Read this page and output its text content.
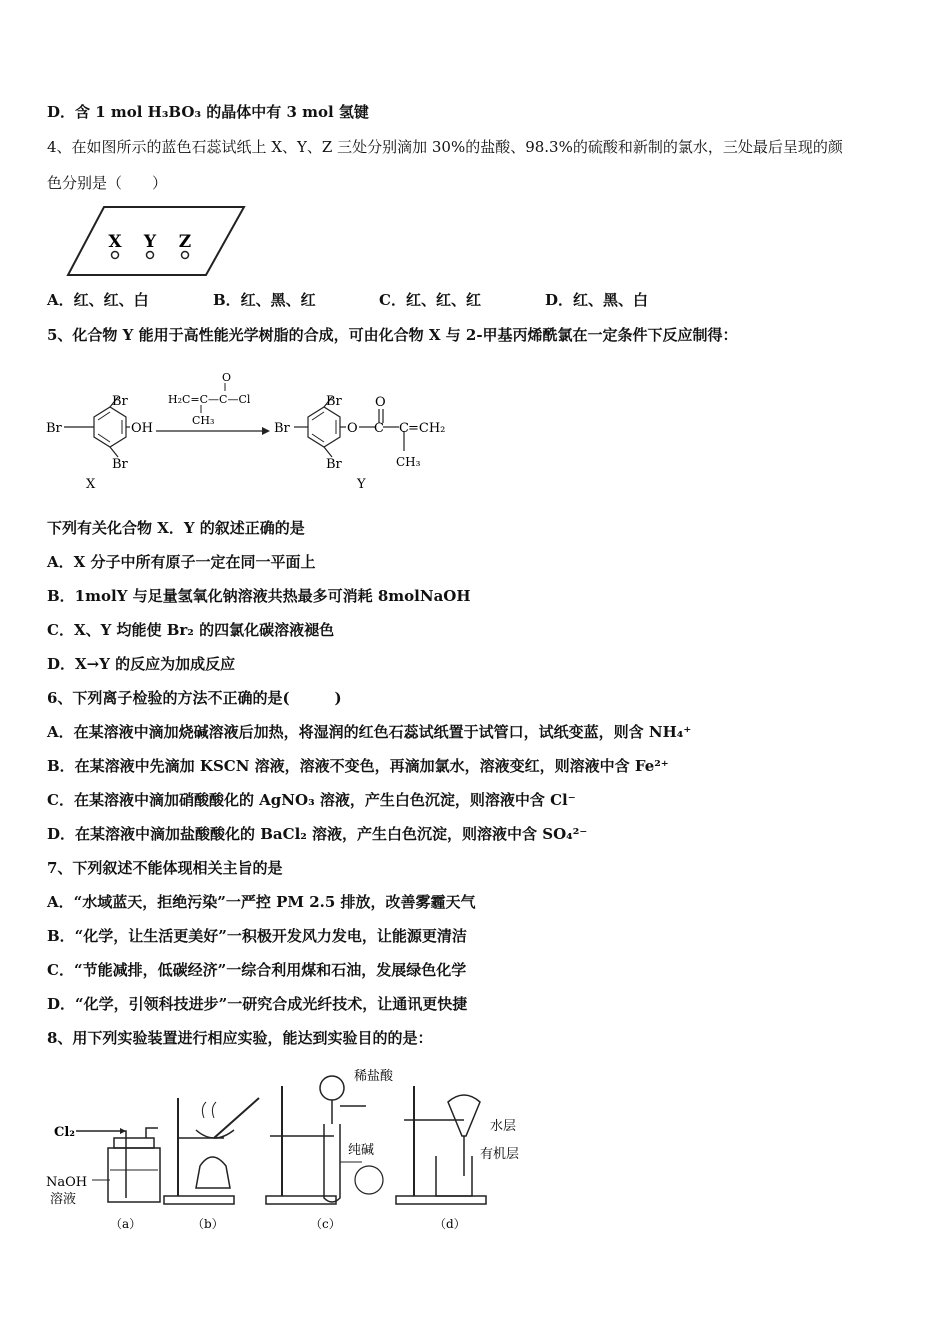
D．含 1 mol H₃BO₃ 的晶体中有 3 mol 氢键
4、在如图所示的蓝色石蕊试纸上 X、Y、Z 三处分别滴加 30%的盐酸、98.3%的硫酸和新制的氯水，三处最后呈现的颜
色分别是（　　）
X Y Z
A．红、红、白	B．红、黑、红	C．红、红、红	D．红、黑、白
5、化合物 Y 能用于高性能光学树脂的合成，可由化合物 X 与 2-甲基丙烯酰氯在一定条件下反应制得：
Br
Br
Br	OH
X
O
H₂C=C—C—Cl
CH₃
Br
Br
Br	O
O
C =CH₂
CH₃
C
Y
下列有关化合物 X．Y 的叙述正确的是
A．X 分子中所有原子一定在同一平面上
B．1molY 与足量氢氧化钠溶液共热最多可消耗 8molNaOH
C．X、Y 均能使 Br₂ 的四氯化碳溶液褪色
D．X→Y 的反应为加成反应
6、下列离子检验的方法不正确的是(　　　)
A．在某溶液中滴加烧碱溶液后加热，将湿润的红色石蕊试纸置于试管口，试纸变蓝，则含 NH₄⁺
B．在某溶液中先滴加 KSCN 溶液，溶液不变色，再滴加氯水，溶液变红，则溶液中含 Fe²⁺
C．在某溶液中滴加硝酸酸化的 AgNO₃ 溶液，产生白色沉淀，则溶液中含 Cl⁻
D．在某溶液中滴加盐酸酸化的 BaCl₂ 溶液，产生白色沉淀，则溶液中含 SO₄²⁻
7、下列叙述不能体现相关主旨的是
A．“水域蓝天，拒绝污染”一严控 PM 2.5 排放，改善雾霾天气
B．“化学，让生活更美好”一积极开发风力发电，让能源更清洁
C．“节能减排，低碳经济”一综合利用煤和石油，发展绿色化学
D．“化学，引领科技进步”一研究合成光纤技术，让通讯更快捷
8、用下列实验装置进行相应实验，能达到实验目的的是：
Cl₂
NaOH
溶液
（a）	（b）
稀盐酸
纯碱
（c）
水层
有机层
（d）
